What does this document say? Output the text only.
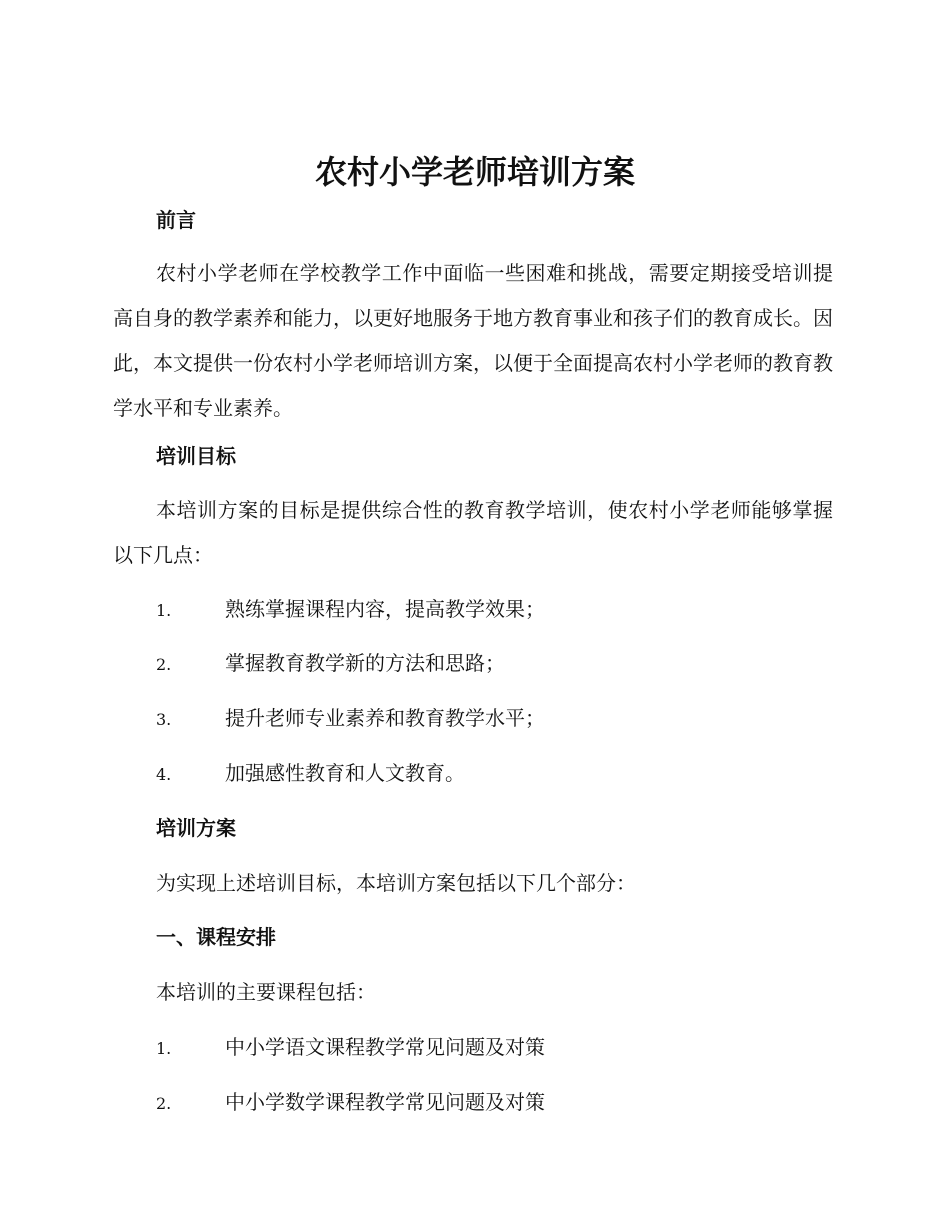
农村小学老师培训方案
前言
农村小学老师在学校教学工作中面临一些困难和挑战，需要定期接受培训提高自身的教学素养和能力，以更好地服务于地方教育事业和孩子们的教育成长。因此，本文提供一份农村小学老师培训方案，以便于全面提高农村小学老师的教育教学水平和专业素养。
培训目标
本培训方案的目标是提供综合性的教育教学培训，使农村小学老师能够掌握以下几点：
1.	熟练掌握课程内容，提高教学效果；
2.	掌握教育教学新的方法和思路；
3.	提升老师专业素养和教育教学水平；
4.	加强感性教育和人文教育。
培训方案
为实现上述培训目标，本培训方案包括以下几个部分：
一、课程安排
本培训的主要课程包括：
1.	中小学语文课程教学常见问题及对策
2.	中小学数学课程教学常见问题及对策
